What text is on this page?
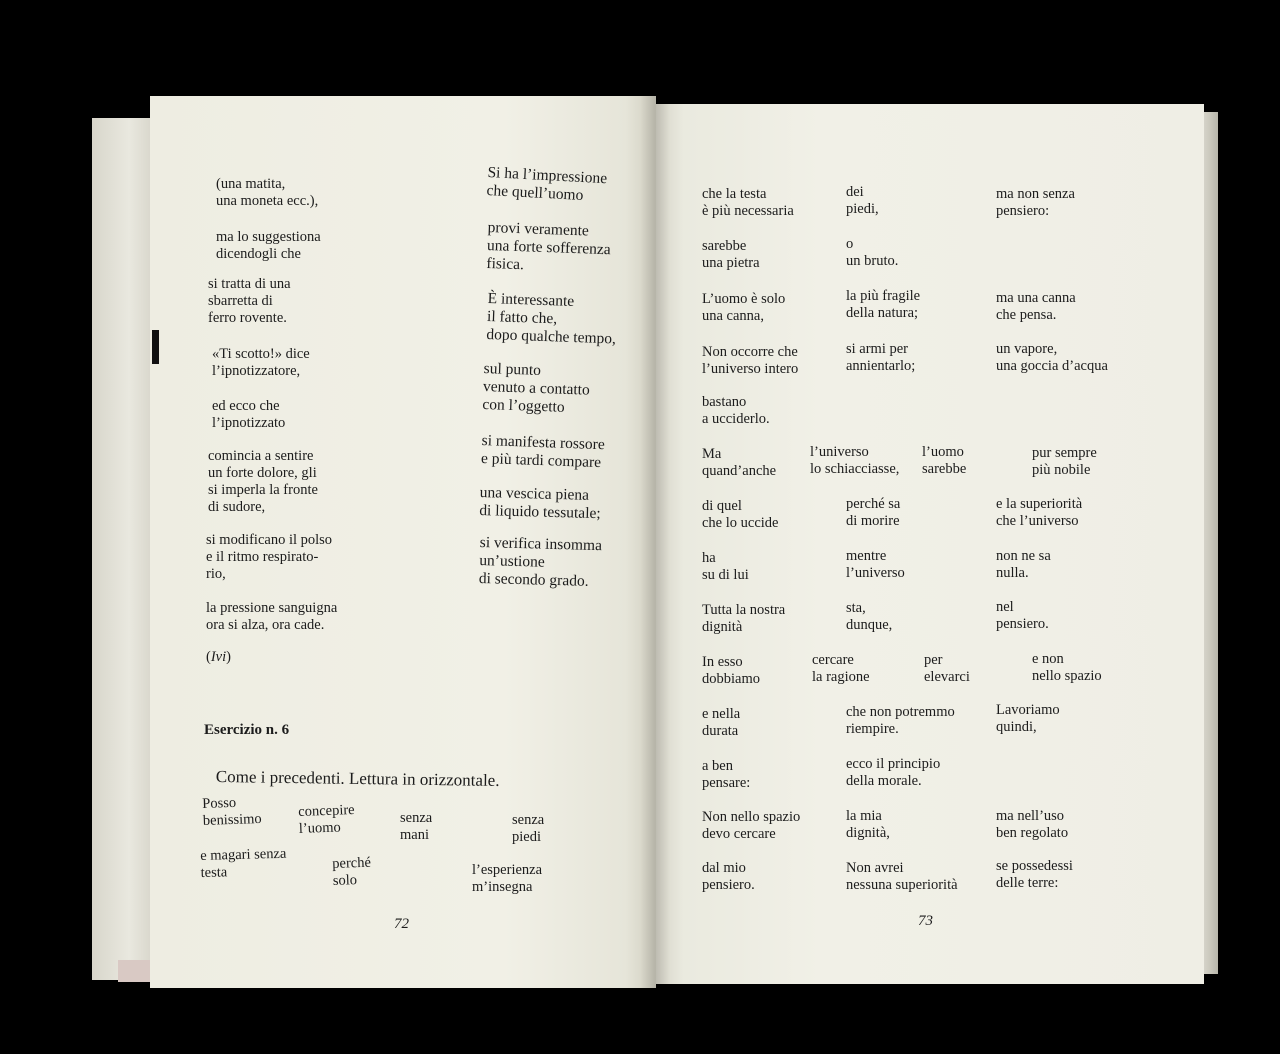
(una matita,
una moneta ecc.),

ma lo suggestiona
dicendogli che

si tratta di una
sbarretta di
ferro rovente.

«Ti scotto!» dice
l’ipnotizzatore,

ed ecco che
l’ipnotizzato

comincia a sentire
un forte dolore, gli
si imperla la fronte
di sudore,

si modificano il polso
e il ritmo respirato-
rio,

la pressione sanguigna
ora si alza, ora cade.

(Ivi)

Si ha l’impressione
che quell’uomo

provi veramente
una forte sofferenza
fisica.

È interessante
il fatto che,
dopo qualche tempo,

sul punto
venuto a contatto
con l’oggetto

si manifesta rossore
e più tardi compare

una vescica piena
di liquido tessutale;

si verifica insomma
un’ustione
di secondo grado.

Esercizio n. 6

Come i precedenti. Lettura in orizzontale.

Posso
benissimo concepire
l’uomo

senza
mani

senza
piedi

e magari senza
testa

perché
solo

l’esperienza
m’insegna

72

che la testa
è più necessaria

dei
piedi,

ma non senza
pensiero:

sarebbe
una pietra

o
un bruto.

L’uomo è solo
una canna,

la più fragile
della natura;

ma una canna
che pensa.

Non occorre che
l’universo intero

si armi per
annientarlo;

un vapore,
una goccia d’acqua

bastano
a ucciderlo.

Ma
quand’anche

l’universo
lo schiacciasse,

l’uomo
sarebbe

pur sempre
più nobile

di quel
che lo uccide

perché sa
di morire

e la superiorità
che l’universo

ha
su di lui

mentre
l’universo

non ne sa
nulla.

Tutta la nostra
dignità

sta,
dunque,

nel
pensiero.

In esso
dobbiamo

cercare
la ragione

per
elevarci

e non
nello spazio

e nella
durata

che non potremmo
riempire.

Lavoriamo
quindi,

a ben
pensare:

ecco il principio
della morale.

Non nello spazio
devo cercare

la mia
dignità,

ma nell’uso
ben regolato

dal mio
pensiero.

Non avrei
nessuna superiorità

se possedessi
delle terre:

73
